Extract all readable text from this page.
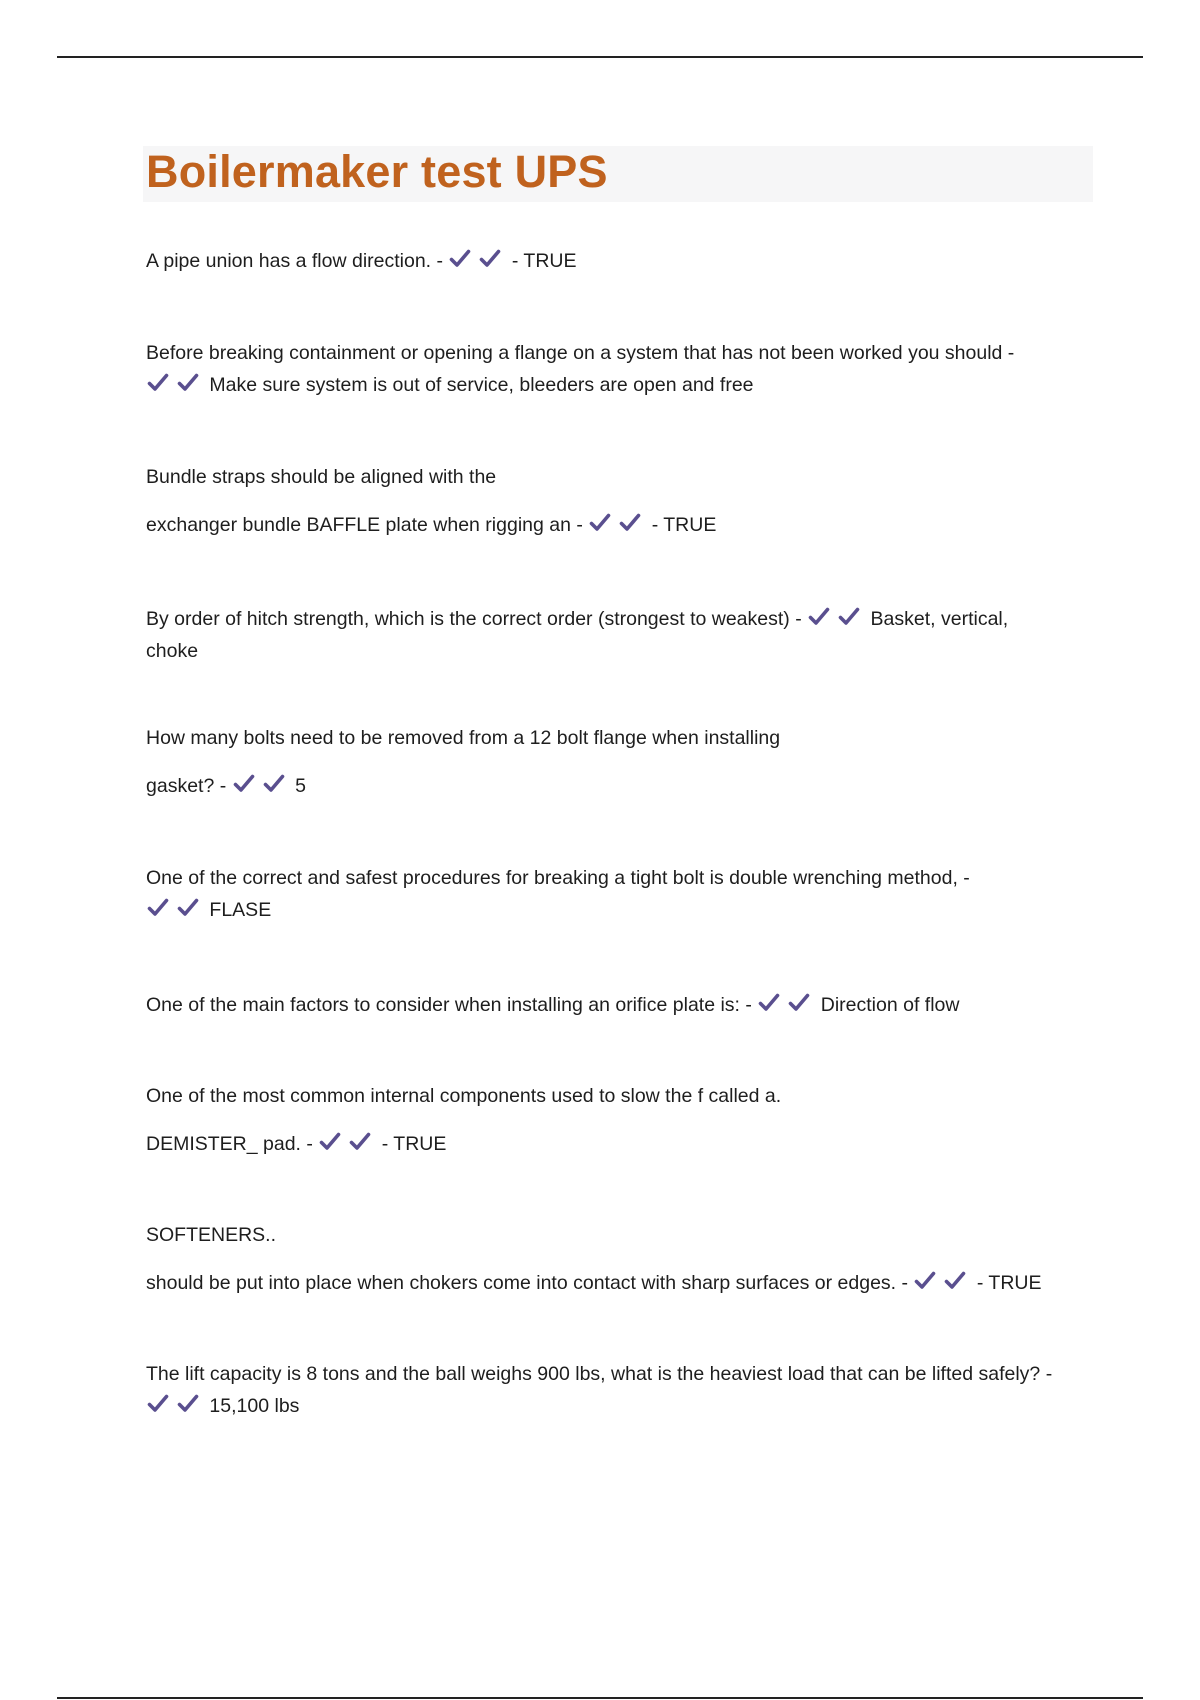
Boilermaker test UPS
A pipe union has a flow direction. -	- TRUE
Before breaking containment or opening a flange on a system that has not been worked you should -
Make sure system is out of service, bleeders are open and free
Bundle straps should be aligned with the
exchanger bundle BAFFLE plate when rigging an -	- TRUE
By order of hitch strength, which is the correct order (strongest to weakest) -	Basket, vertical,
choke
How many bolts need to be removed from a 12 bolt flange when installing
gasket? -	5
One of the correct and safest procedures for breaking a tight bolt is double wrenching method, -
FLASE
One of the main factors to consider when installing an orifice plate is: -	Direction of flow
One of the most common internal components used to slow the f called a.
DEMISTER_ pad. -	- TRUE
SOFTENERS..
should be put into place when chokers come into contact with sharp surfaces or edges. -	- TRUE
The lift capacity is 8 tons and the ball weighs 900 lbs, what is the heaviest load that can be lifted safely? -
15,100 lbs
